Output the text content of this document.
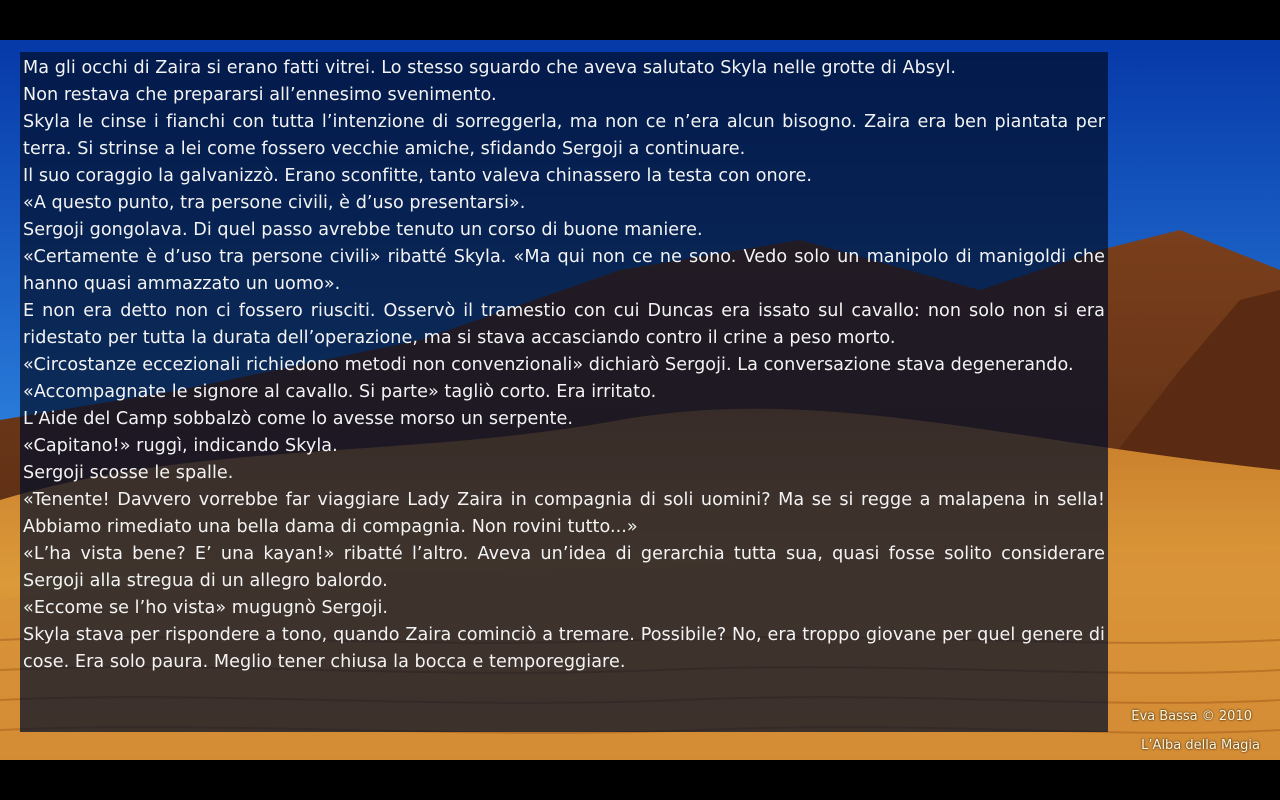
Ma gli occhi di Zaira si erano fatti vitrei. Lo stesso sguardo che aveva salutato Skyla nelle grotte di Absyl.

Non restava che prepararsi all’ennesimo svenimento.

Skyla le cinse i fianchi con tutta l’intenzione di sorreggerla, ma non ce n’era alcun bisogno. Zaira era ben piantata per terra. Si strinse a lei come fossero vecchie amiche, sfidando Sergoji a continuare.

Il suo coraggio la galvanizzò. Erano sconfitte, tanto valeva chinassero la testa con onore.

«A questo punto, tra persone civili, è d’uso presentarsi».

Sergoji gongolava. Di quel passo avrebbe tenuto un corso di buone maniere.

«Certamente è d’uso tra persone civili» ribatté Skyla. «Ma qui non ce ne sono. Vedo solo un manipolo di manigoldi che hanno quasi ammazzato un uomo».

E non era detto non ci fossero riusciti. Osservò il tramestio con cui Duncas era issato sul cavallo: non solo non si era ridestato per tutta la durata dell’operazione, ma si stava accasciando contro il crine a peso morto.

«Circostanze eccezionali richiedono metodi non convenzionali» dichiarò Sergoji. La conversazione stava degenerando.

«Accompagnate le signore al cavallo. Si parte» tagliò corto. Era irritato.

L’Aide del Camp sobbalzò come lo avesse morso un serpente.

«Capitano!» ruggì, indicando Skyla.

Sergoji scosse le spalle.

«Tenente! Davvero vorrebbe far viaggiare Lady Zaira in compagnia di soli uomini? Ma se si regge a malapena in sella! Abbiamo rimediato una bella dama di compagnia. Non rovini tutto...»

«L’ha vista bene? E’ una kayan!» ribatté l’altro. Aveva un’idea di gerarchia tutta sua, quasi fosse solito considerare Sergoji alla stregua di un allegro balordo.

«Eccome se l’ho vista» mugugnò Sergoji.

Skyla stava per rispondere a tono, quando Zaira cominciò a tremare. Possibile? No, era troppo giovane per quel genere di cose. Era solo paura. Meglio tener chiusa la bocca e temporeggiare.

Eva Bassa © 2010
L’Alba della Magia
